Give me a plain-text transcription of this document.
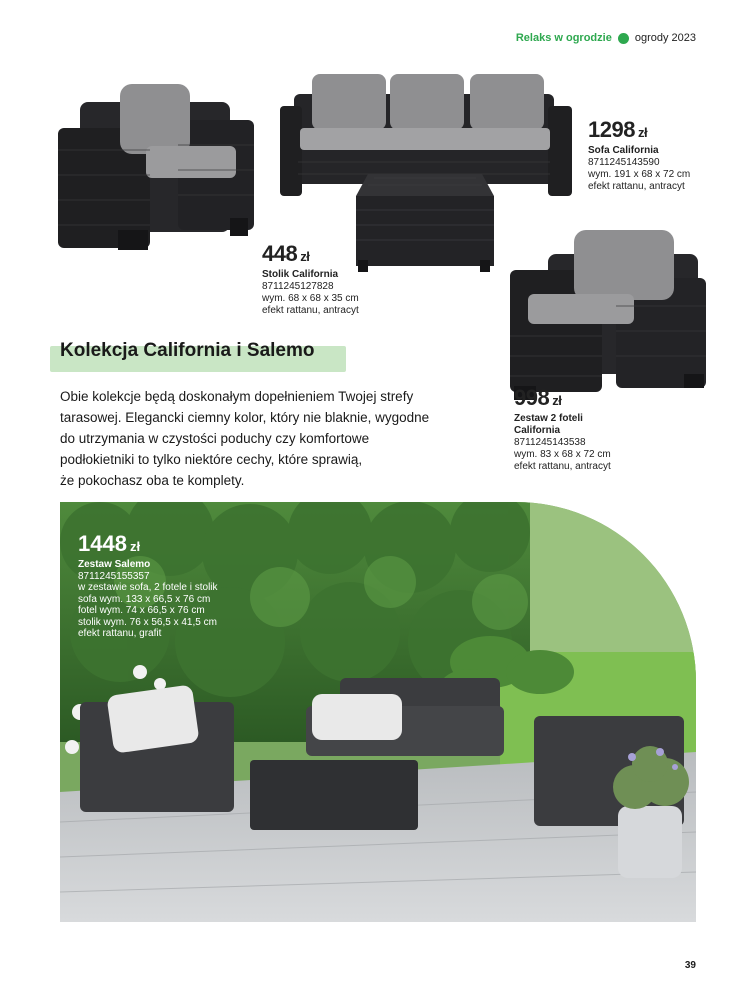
Relaks w ogrodzie ogrody 2023
1298 zł
Sofa California
8711245143590
wym. 191 x 68 x 72 cm
efekt rattanu, antracyt
448 zł
Stolik California
8711245127828
wym. 68 x 68 x 35 cm
efekt rattanu, antracyt
998 zł
Zestaw 2 foteli
California
8711245143538
wym. 83 x 68 x 72 cm
efekt rattanu, antracyt
Kolekcja California i Salemo
Obie kolekcje będą doskonałym dopełnieniem Twojej strefy
tarasowej. Elegancki ciemny kolor, który nie blaknie, wygodne
do utrzymania w czystości poduchy czy komfortowe
podłokietniki to tylko niektóre cechy, które sprawią,
że pokochasz oba te komplety.
1448 zł
Zestaw Salemo
8711245155357
w zestawie sofa, 2 fotele i stolik
sofa wym. 133 x 66,5 x 76 cm
fotel wym. 74 x 66,5 x 76 cm
stolik wym. 76 x 56,5 x 41,5 cm
efekt rattanu, grafit
39
